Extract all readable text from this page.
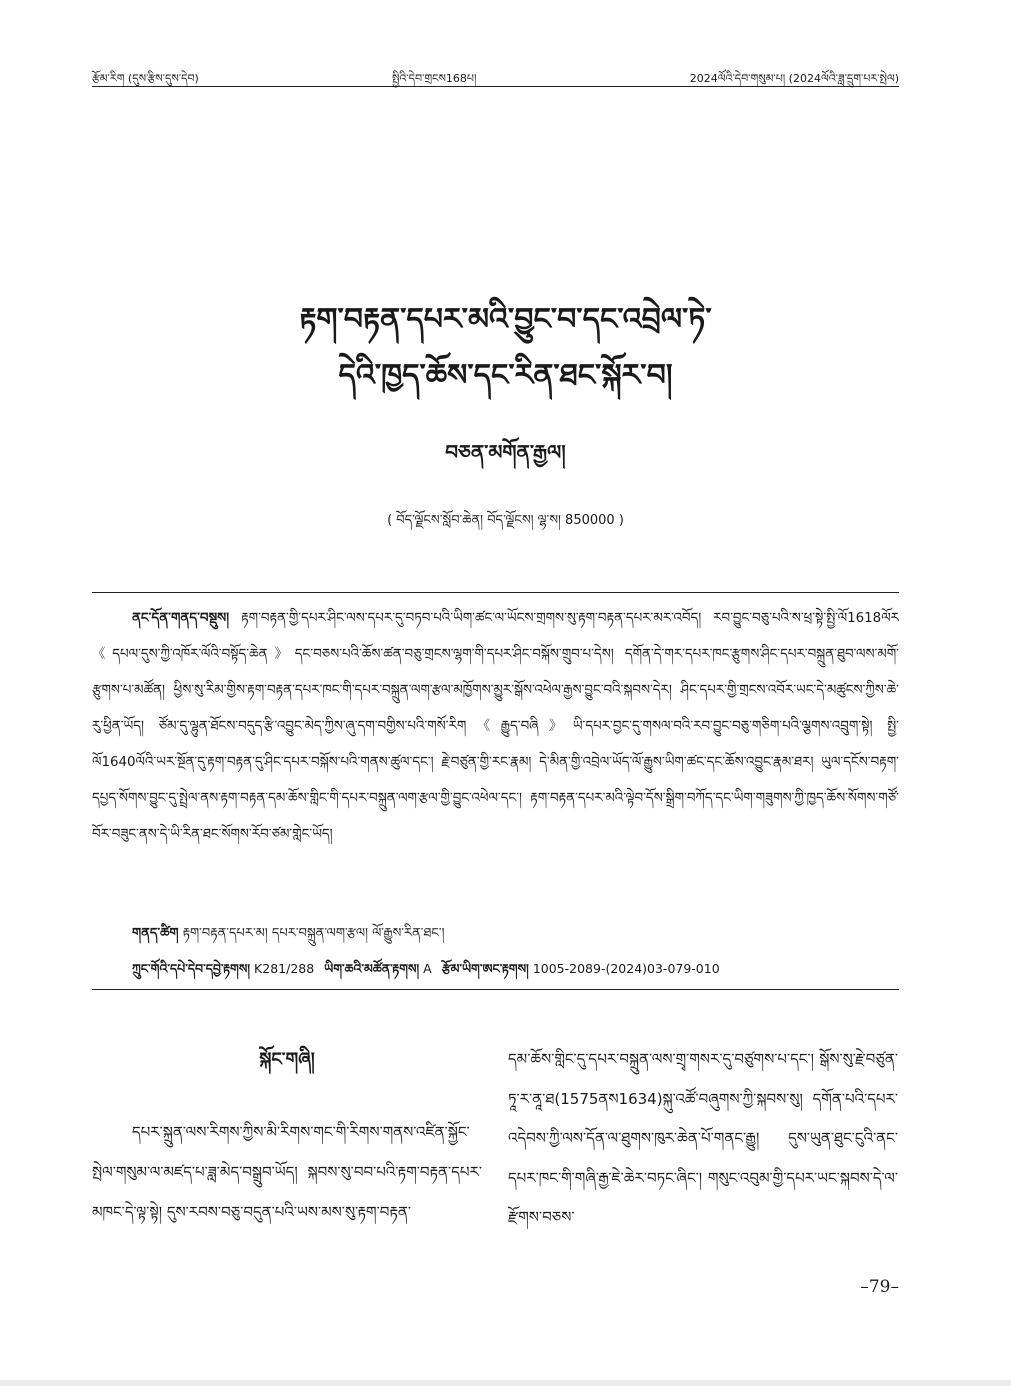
རྩོམ་རིག (དུས་རྩིས་དུས་དེབ)	སྤྱིའི་དེབ་གྲངས168པ།	2024ལོའི་དེབ་གསུམ་པ། (2024ལོའི་ཟླ་དྲུག་པར་སྤེལ)
རྟག་བརྟན་དཔར་མའི་བྱུང་བ་དང་འབྲེལ་ཏེ་
དེའི་ཁྱད་ཆོས་དང་རིན་ཐང་སྐོར་བ།
བཅན་མགོན་རྒྱལ།
( བོད་ལྗོངས་སློབ་ཆེན། བོད་ལྗོངས། ལྷ་ས། 850000 )
ནང་དོན་གནད་བསྡུས། རྟག་བརྟན་གྱི་དཔར་ཤིང་ལས་དཔར་དུ་བཏབ་པའི་ཡིག་ཚང་ལ་ཡོངས་གྲགས་སུ་རྟག་བརྟན་དཔར་མར་འབོད། རབ་བྱུང་བཅུ་པའི་ས་ཕྲ་སྟེ་སྤྱི་ལོ1618ལོར《དཔལ་དུས་ཀྱི་འཁོར་ལོའི་བསྟོད་ཆེན》དང་བཅས་པའི་ཆོས་ཚན་བཅུ་གྲངས་ལྷག་གི་དཔར་ཤིང་བསྐོས་གྲུབ་པ་དེས། དགོན་དེ་གར་དཔར་ཁང་རྩུགས་ཤིང་དཔར་བསྐྲུན་ཐུབ་ལས་མགོ་རྩུགས་པ་མཚོན། ཕྱིས་སུ་རིམ་གྱིས་རྟག་བརྟན་དཔར་ཁང་གི་དཔར་བསྐྲུན་ལག་རྩལ་མཁྱོགས་མྱུར་སྒོས་འཕེལ་རྒྱས་བྱུང་བའི་སྐབས་དེར། ཤིང་དཔར་གྱི་གྲངས་འབོར་ཡང་དེ་མཚུངས་ཀྱིས་ཆེ་རུ་ཕྱིན་ཡོད། ཙོམ་དུ་ལྷུན་ཐོངས་བདུད་རྩི་འབྱུང་མེད་ཀྱིས་ཞུ་དག་བགྱིས་པའི་གསོ་རིག《རྒྱུད་བཞི》ཡི་དཔར་བྱང་དུ་གསལ་བའི་རབ་བྱུང་བཅུ་གཅིག་པའི་ལྕགས་འབྲུག་སྟེ། སྤྱི་ལོ1640ལོའི་ཡར་སྔོན་དུ་རྟག་བརྟན་དུ་ཤིང་དཔར་བསྐོས་པའི་གནས་ཚུལ་དང་། རྗེ་བཙུན་གྱི་རང་རྣམ། དེ་མིན་གྱི་འབྲེལ་ཡོད་ལོ་རྒྱུས་ཡིག་ཚང་དང་ཆོས་འབྱུང་རྣམ་ཐར། ཡུལ་དངོས་བརྟག་དཔྱད་སོགས་བྱུང་དུ་སྤྲེལ་ནས་རྟག་བརྟན་དམ་ཆོས་གླིང་གི་དཔར་བསྐྲུན་ལག་རྩལ་གྱི་བྱུང་འཕེལ་དང་། རྟག་བརྟན་དཔར་མའི་ལྟེབ་དོས་སྒྲིག་བཀོད་དང་ཡིག་གཟུགས་ཀྱི་ཁྱད་ཆོས་སོགས་གཙོ་བོར་བཟུང་ནས་དེ་ཡི་རིན་ཐང་སོགས་རོབ་ཙམ་གླེང་ཡོད།
གནད་ཚིག རྟག་བརྟན་དཔར་མ། དཔར་བསྐྲུན་ལག་རྩལ། ལོ་རྒྱུས་རིན་ཐང་།
ཀྲུང་གོའི་དཔེ་དེབ་དབྱེ་རྟགས། K281/288 ཡིག་ཆའི་མཚོན་རྟགས། A རྩོམ་ཡིག་ཨང་རྟགས། 1005-2089-(2024)03-079-010
སྐོང་གཞི།
དཔར་སྐྲུན་ལས་རིགས་ཀྱིས་མི་རིགས་གང་གི་རིགས་གནས་འཛིན་སྐྱོང་སྤེལ་གསུམ་ལ་མཛད་པ་ཟླ་མེད་བསྒྲུབ་ཡོད། སྐབས་སུ་བབ་པའི་རྟག་བརྟན་དཔར་མཁང་དེ་ལྟ་སྟེ། དུས་རབས་བཅུ་བདུན་པའི་ཡས་མས་སུ་རྟག་བརྟན་
དམ་ཆོས་གླིང་དུ་དཔར་བསྐྲུན་ལས་གྲྭ་གསར་དུ་བཙུགས་པ་དང་། སྒོས་སུ་རྗེ་བཙུན་ཏཱ་ར་ནཱ་ཐ(1575ནས1634)སྐུ་འཚོ་བཞུགས་ཀྱི་སྐབས་སུ། དགོན་པའི་དཔར་འདེབས་ཀྱི་ལས་དོན་ལ་ཐུགས་ཁུར་ཆེན་པོ་གནང་རྒྱུ། དུས་ཡུན་ཐུང་ངུའི་ནང་དཔར་ཁང་གི་གཞི་རྒྱ་ཇེ་ཆེར་བཏང་ཞིང་། གསུང་འབུམ་གྱི་དཔར་ཡང་སྐབས་དེ་ལ་རྫོགས་བཅས་
–79–
